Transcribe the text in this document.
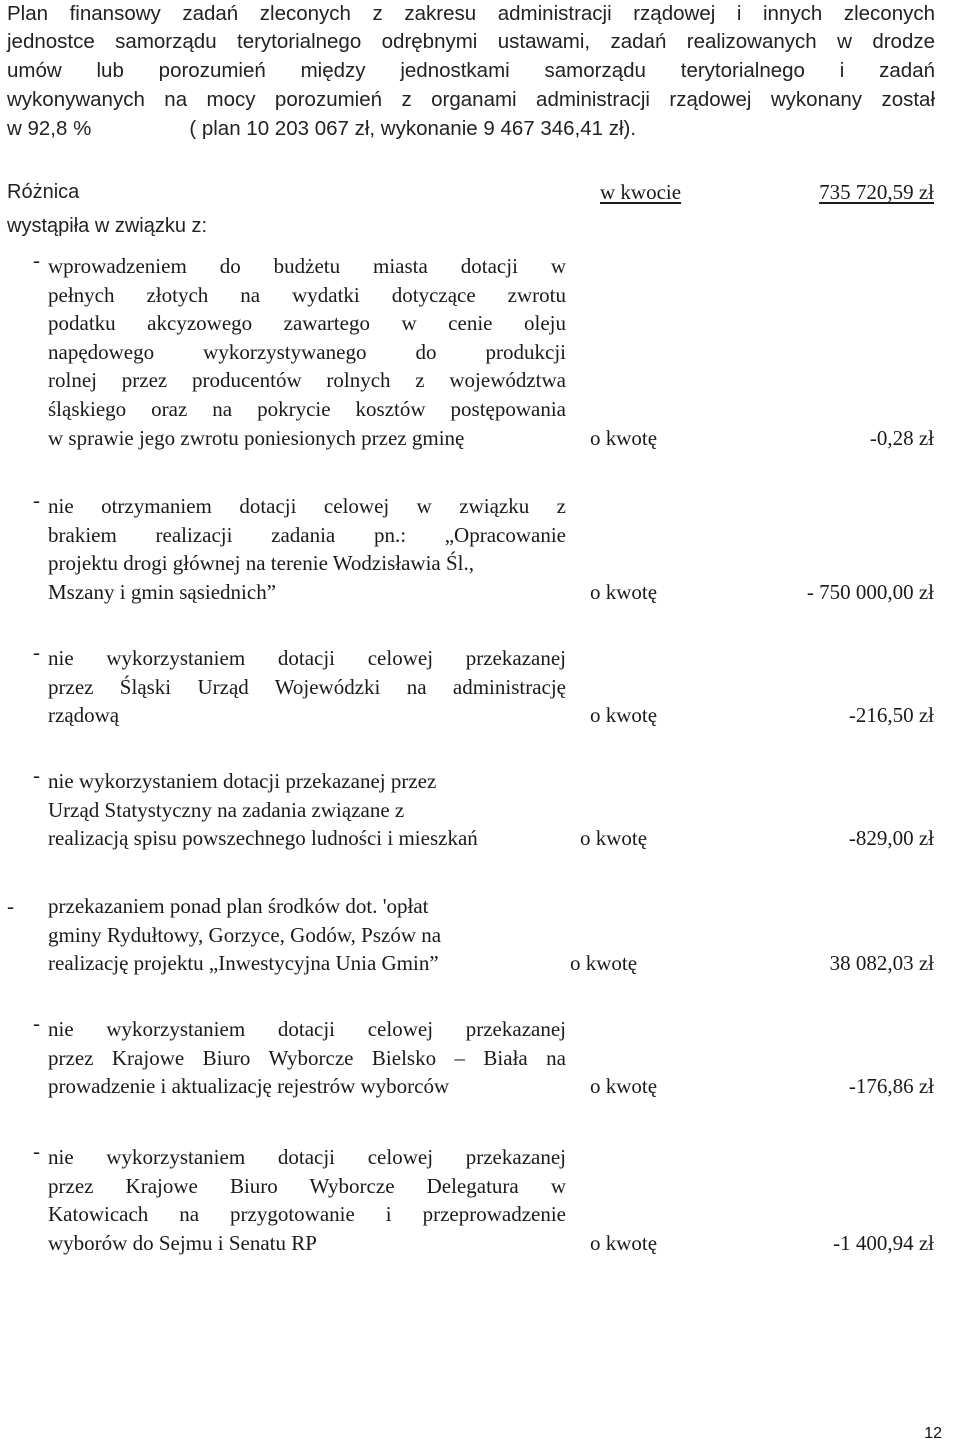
Plan finansowy zadań zleconych z zakresu administracji rządowej i innych zleconych
jednostce samorządu terytorialnego odrębnymi ustawami, zadań realizowanych w drodze
umów lub porozumień między jednostkami samorządu terytorialnego i zadań
wykonywanych na mocy porozumień z organami administracji rządowej wykonany został
w 92,8 %	( plan 10 203 067 zł, wykonanie 9 467 346,41 zł).
Różnica	w kwocie	735 720,59 zł
wystąpiła w związku z:
- wprowadzeniem do budżetu miasta dotacji w
pełnych złotych na wydatki dotyczące zwrotu
podatku akcyzowego zawartego w cenie oleju
napędowego wykorzystywanego do produkcji
rolnej przez producentów rolnych z województwa
śląskiego oraz na pokrycie kosztów postępowania
w sprawie jego zwrotu poniesionych przez gminę	o kwotę	-0,28 zł
- nie otrzymaniem dotacji celowej w związku z
brakiem realizacji zadania pn.: „Opracowanie
projektu drogi głównej na terenie Wodzisławia Śl.,
Mszany i gmin sąsiednich”	o kwotę	- 750 000,00 zł
- nie wykorzystaniem dotacji celowej przekazanej
przez Śląski Urząd Wojewódzki na administrację
rządową	o kwotę	-216,50 zł
- nie wykorzystaniem dotacji przekazanej przez
Urząd Statystyczny na zadania związane z
realizacją spisu powszechnego ludności i mieszkań	o kwotę	-829,00 zł
- przekazaniem ponad plan środków dot. 'opłat
gminy Rydułtowy, Gorzyce, Godów, Pszów na
realizację projektu „Inwestycyjna Unia Gmin”	o kwotę	38 082,03 zł
- nie wykorzystaniem dotacji celowej przekazanej
przez Krajowe Biuro Wyborcze Bielsko – Biała na
prowadzenie i aktualizację rejestrów wyborców	o kwotę	-176,86 zł
- nie wykorzystaniem dotacji celowej przekazanej
przez Krajowe Biuro Wyborcze Delegatura w
Katowicach na przygotowanie i przeprowadzenie
wyborów do Sejmu i Senatu RP	o kwotę	-1 400,94 zł
12
